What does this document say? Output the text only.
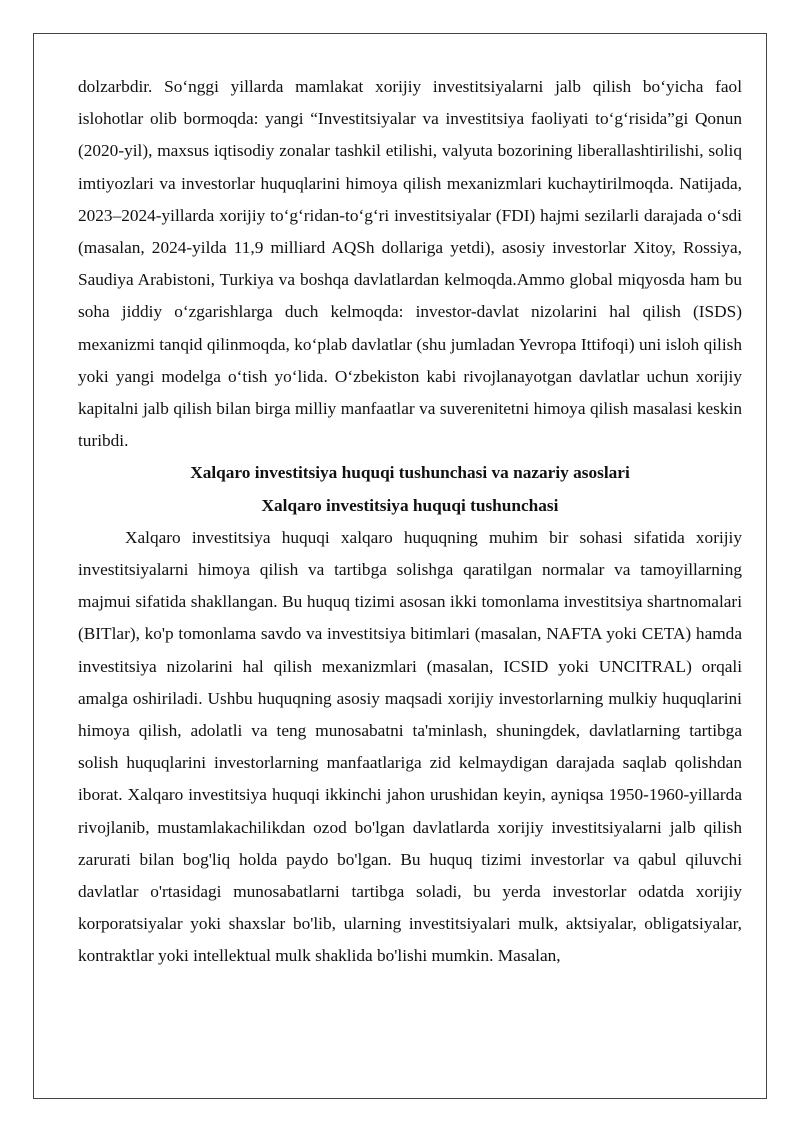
dolzarbdir. So‘nggi yillarda mamlakat xorijiy investitsiyalarni jalb qilish bo‘yicha faol islohotlar olib bormoqda: yangi “Investitsiyalar va investitsiya faoliyati to‘g‘risida”gi Qonun (2020-yil), maxsus iqtisodiy zonalar tashkil etilishi, valyuta bozorining liberallashtirilishi, soliq imtiyozlari va investorlar huquqlarini himoya qilish mexanizmlari kuchaytirilmoqda. Natijada, 2023–2024-yillarda xorijiy to‘g‘ridan-to‘g‘ri investitsiyalar (FDI) hajmi sezilarli darajada o‘sdi (masalan, 2024-yilda 11,9 milliard AQSh dollariga yetdi), asosiy investorlar Xitoy, Rossiya, Saudiya Arabistoni, Turkiya va boshqa davlatlardan kelmoqda.Ammo global miqyosda ham bu soha jiddiy o‘zgarishlarga duch kelmoqda: investor-davlat nizolarini hal qilish (ISDS) mexanizmi tanqid qilinmoqda, ko‘plab davlatlar (shu jumladan Yevropa Ittifoqi) uni isloh qilish yoki yangi modelga o‘tish yo‘lida. O‘zbekiston kabi rivojlanayotgan davlatlar uchun xorijiy kapitalni jalb qilish bilan birga milliy manfaatlar va suverenitetni himoya qilish masalasi keskin turibdi.

Xalqaro investitsiya huquqi tushunchasi va nazariy asoslari
Xalqaro investitsiya huquqi tushunchasi

Xalqaro investitsiya huquqi xalqaro huquqning muhim bir sohasi sifatida xorijiy investitsiyalarni himoya qilish va tartibga solishga qaratilgan normalar va tamoyillarning majmui sifatida shakllangan. Bu huquq tizimi asosan ikki tomonlama investitsiya shartnomalari (BITlar), ko'p tomonlama savdo va investitsiya bitimlari (masalan, NAFTA yoki CETA) hamda investitsiya nizolarini hal qilish mexanizmlari (masalan, ICSID yoki UNCITRAL) orqali amalga oshiriladi. Ushbu huquqning asosiy maqsadi xorijiy investorlarning mulkiy huquqlarini himoya qilish, adolatli va teng munosabatni ta'minlash, shuningdek, davlatlarning tartibga solish huquqlarini investorlarning manfaatlariga zid kelmaydigan darajada saqlab qolishdan iborat. Xalqaro investitsiya huquqi ikkinchi jahon urushidan keyin, ayniqsa 1950-1960-yillarda rivojlanib, mustamlakachilikdan ozod bo'lgan davlatlarda xorijiy investitsiyalarni jalb qilish zarurati bilan bog'liq holda paydo bo'lgan. Bu huquq tizimi investorlar va qabul qiluvchi davlatlar o'rtasidagi munosabatlarni tartibga soladi, bu yerda investorlar odatda xorijiy korporatsiyalar yoki shaxslar bo'lib, ularning investitsiyalari mulk, aktsiyalar, obligatsiyalar, kontraktlar yoki intellektual mulk shaklida bo'lishi mumkin. Masalan,
